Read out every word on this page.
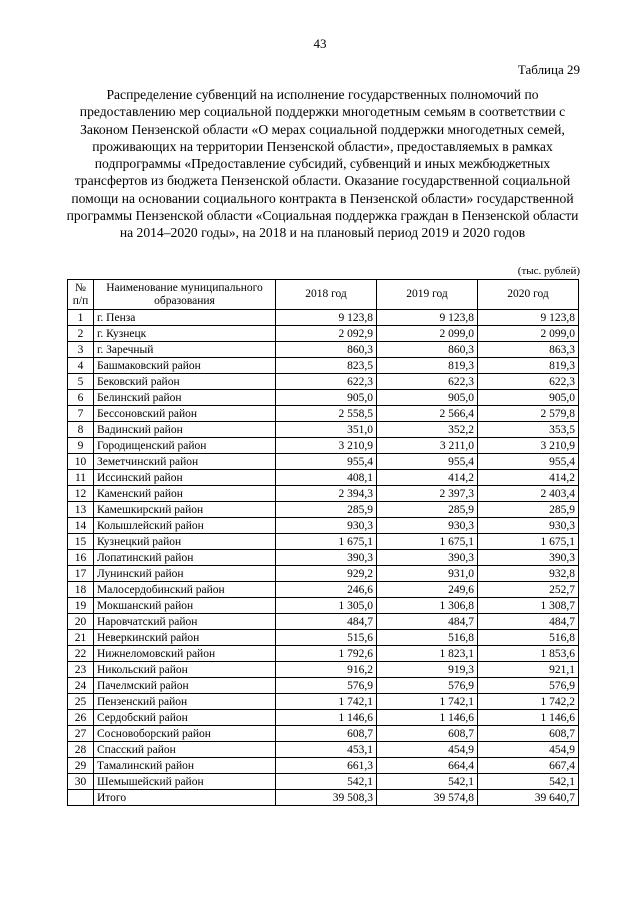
43
Таблица 29
Распределение субвенций на исполнение государственных полномочий по предоставлению мер социальной поддержки многодетным семьям в соответствии с Законом Пензенской области «О мерах социальной поддержки многодетных семей, проживающих на территории Пензенской области», предоставляемых в рамках подпрограммы «Предоставление субсидий, субвенций и иных межбюджетных трансфертов из бюджета Пензенской области. Оказание государственной социальной помощи на основании социального контракта в Пензенской области» государственной программы Пензенской области «Социальная поддержка граждан в Пензенской области на 2014–2020 годы», на 2018 и на плановый период 2019 и 2020 годов
(тыс. рублей)
№ п/п	Наименование муниципального образования	2018 год	2019 год	2020 год
1	г. Пенза	9 123,8	9 123,8	9 123,8
2	г. Кузнецк	2 092,9	2 099,0	2 099,0
3	г. Заречный	860,3	860,3	863,3
4	Башмаковский район	823,5	819,3	819,3
5	Бековский район	622,3	622,3	622,3
6	Белинский район	905,0	905,0	905,0
7	Бессоновский район	2 558,5	2 566,4	2 579,8
8	Вадинский район	351,0	352,2	353,5
9	Городищенский район	3 210,9	3 211,0	3 210,9
10	Земетчинский район	955,4	955,4	955,4
11	Иссинский район	408,1	414,2	414,2
12	Каменский район	2 394,3	2 397,3	2 403,4
13	Камешкирский район	285,9	285,9	285,9
14	Колышлейский район	930,3	930,3	930,3
15	Кузнецкий район	1 675,1	1 675,1	1 675,1
16	Лопатинский район	390,3	390,3	390,3
17	Лунинский район	929,2	931,0	932,8
18	Малосердобинский район	246,6	249,6	252,7
19	Мокшанский район	1 305,0	1 306,8	1 308,7
20	Наровчатский район	484,7	484,7	484,7
21	Неверкинский район	515,6	516,8	516,8
22	Нижнеломовский район	1 792,6	1 823,1	1 853,6
23	Никольский район	916,2	919,3	921,1
24	Пачелмский район	576,9	576,9	576,9
25	Пензенский район	1 742,1	1 742,1	1 742,2
26	Сердобский район	1 146,6	1 146,6	1 146,6
27	Сосновоборский район	608,7	608,7	608,7
28	Спасский район	453,1	454,9	454,9
29	Тамалинский район	661,3	664,4	667,4
30	Шемышейский район	542,1	542,1	542,1
	Итого	39 508,3	39 574,8	39 640,7
